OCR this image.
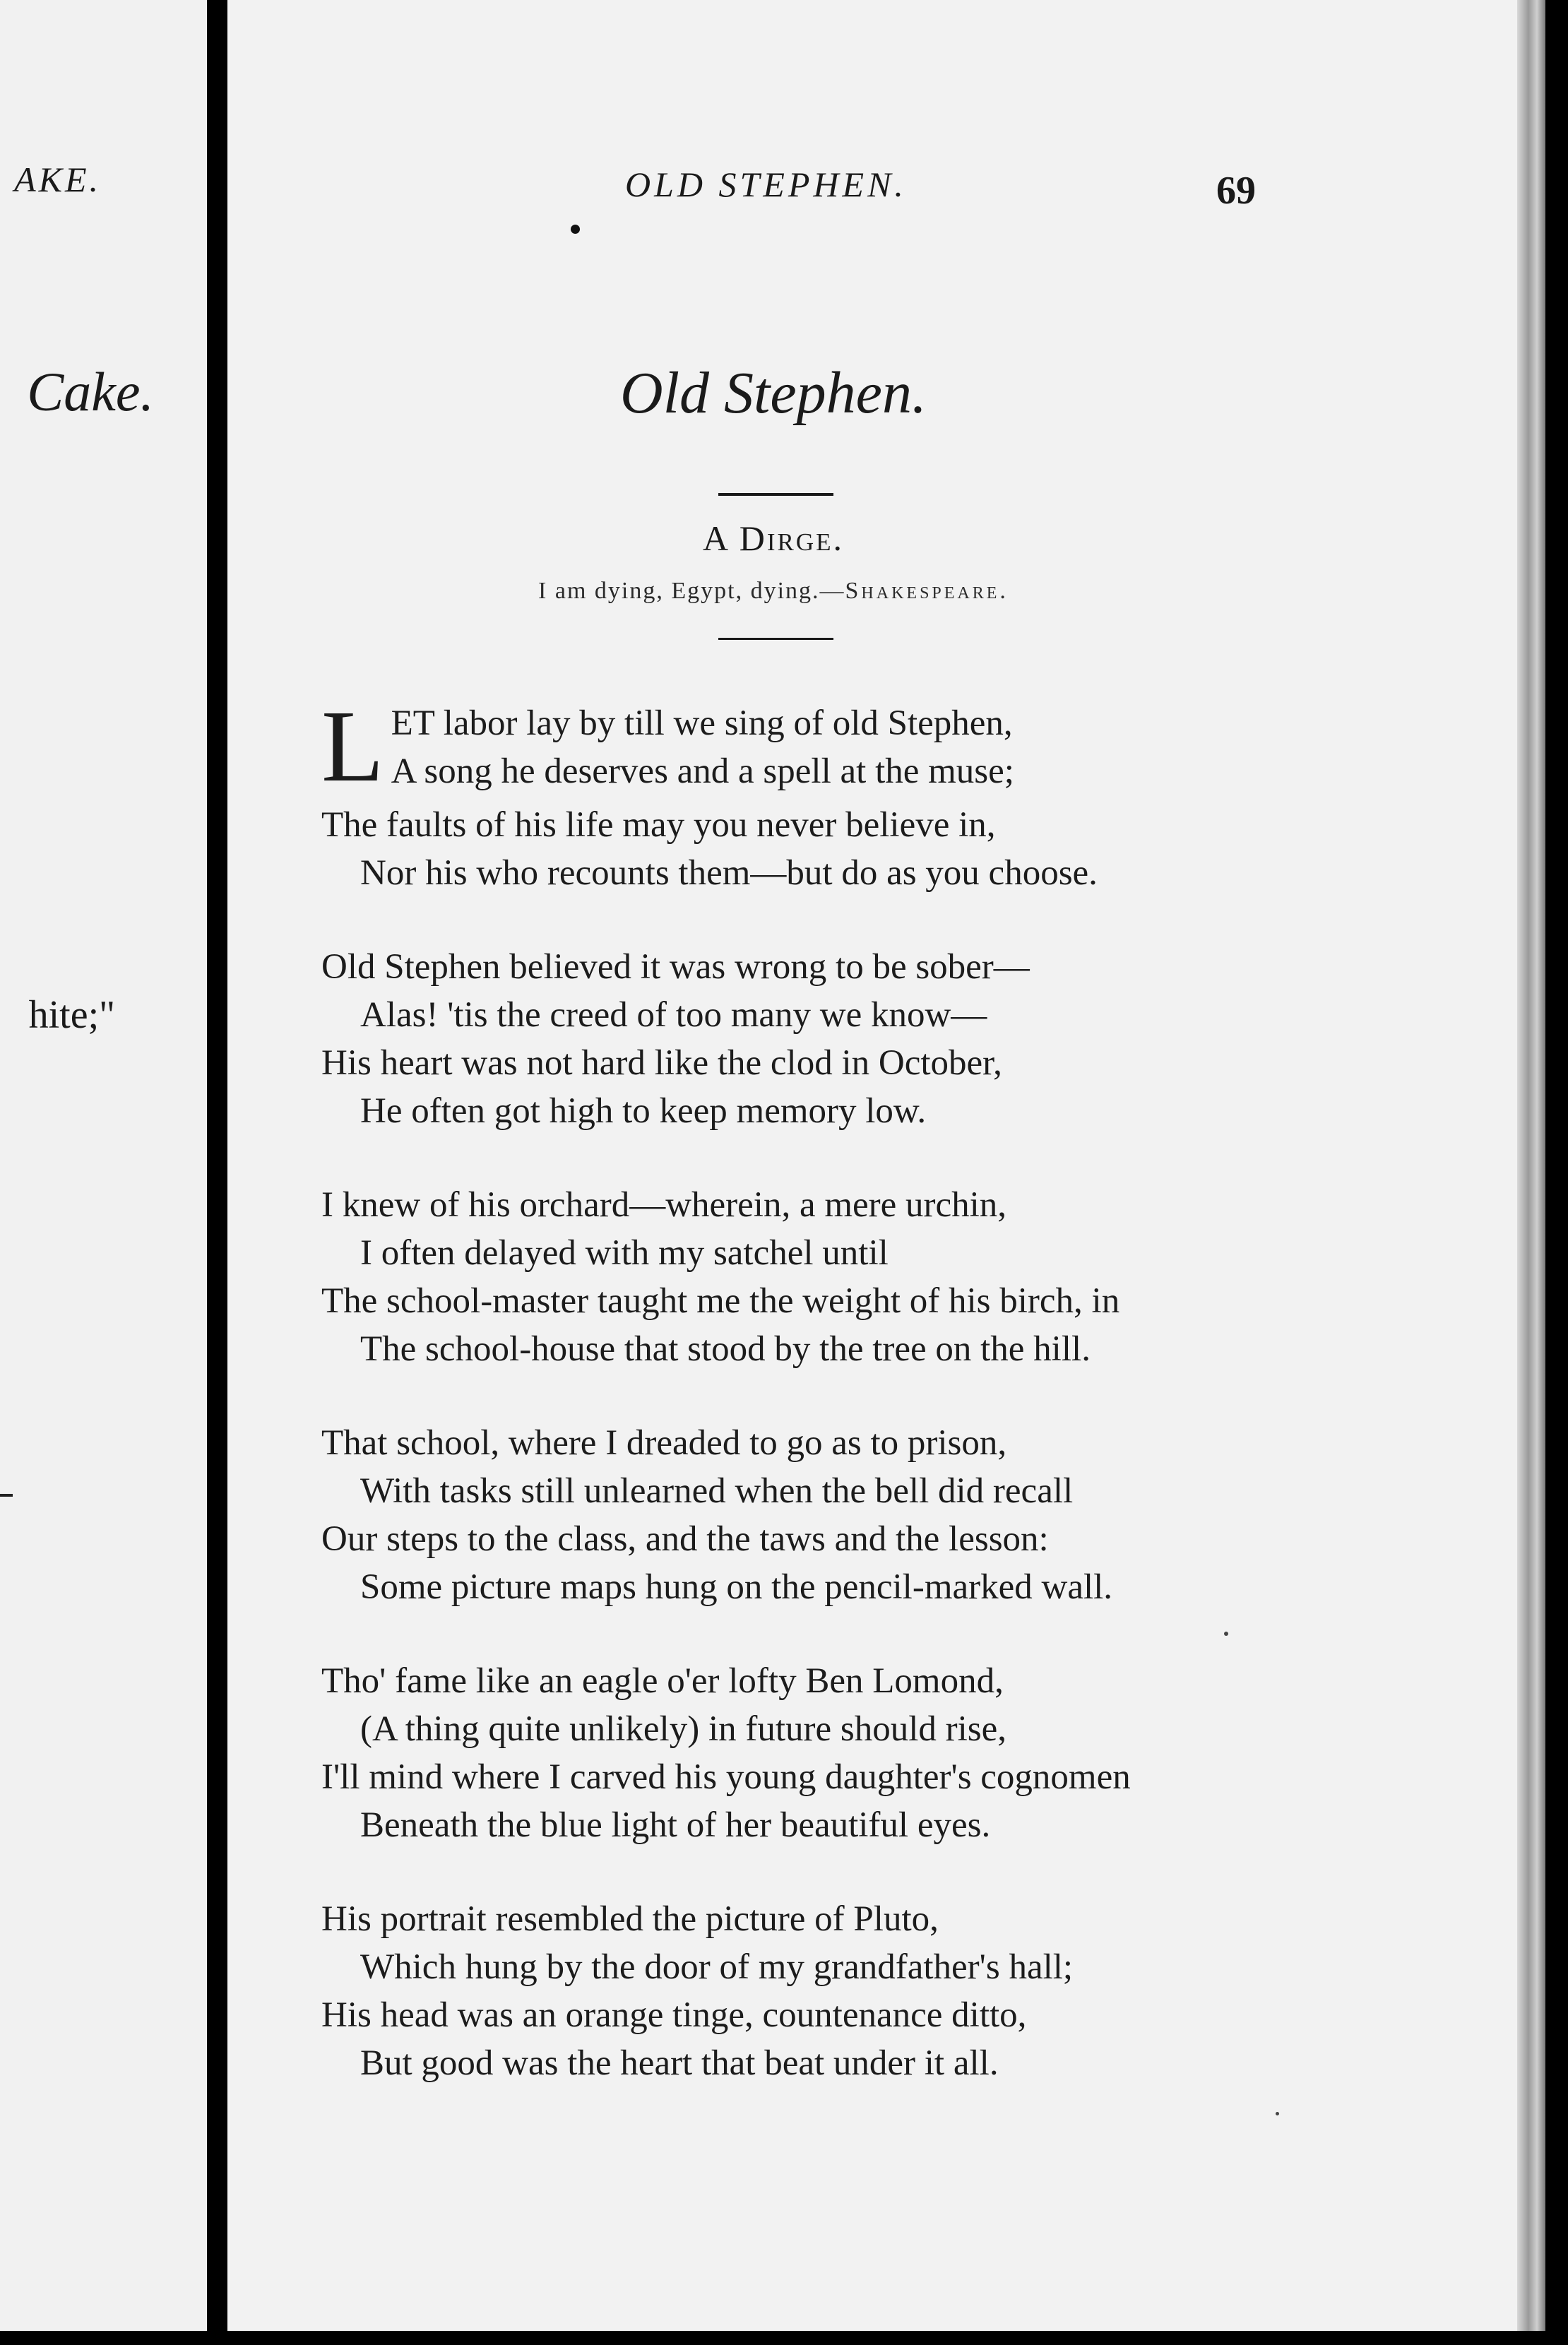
AKE.
Cake.
hite;"
OLD STEPHEN.	69
Old Stephen.
A Dirge.
I am dying, Egypt, dying.—Shakespeare.
L ET labor lay by till we sing of old Stephen,
A song he deserves and a spell at the muse;
The faults of his life may you never believe in,
Nor his who recounts them—but do as you choose.
Old Stephen believed it was wrong to be sober—
Alas! 'tis the creed of too many we know—
His heart was not hard like the clod in October,
He often got high to keep memory low.
I knew of his orchard—wherein, a mere urchin,
I often delayed with my satchel until
The school-master taught me the weight of his birch, in
The school-house that stood by the tree on the hill.
That school, where I dreaded to go as to prison,
With tasks still unlearned when the bell did recall
Our steps to the class, and the taws and the lesson:
Some picture maps hung on the pencil-marked wall.
Tho' fame like an eagle o'er lofty Ben Lomond,
(A thing quite unlikely) in future should rise,
I'll mind where I carved his young daughter's cognomen
Beneath the blue light of her beautiful eyes.
His portrait resembled the picture of Pluto,
Which hung by the door of my grandfather's hall;
His head was an orange tinge, countenance ditto,
But good was the heart that beat under it all.
